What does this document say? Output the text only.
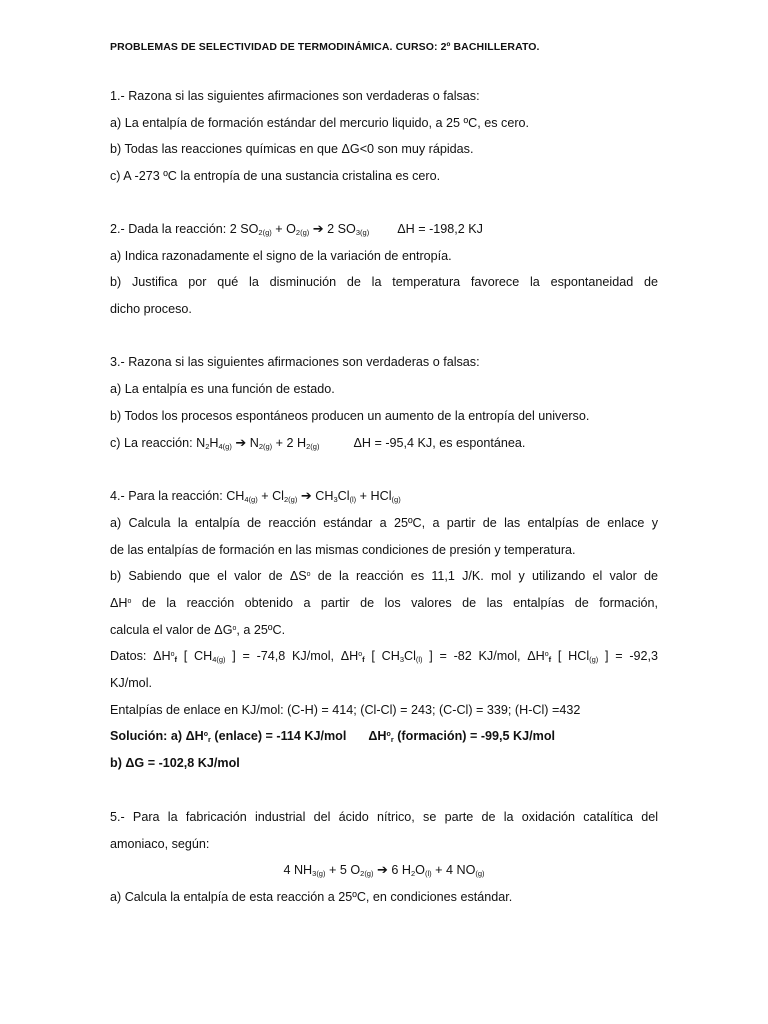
PROBLEMAS DE SELECTIVIDAD DE TERMODINÁMICA. CURSO: 2º BACHILLERATO.
1.- Razona si las siguientes afirmaciones son verdaderas o falsas:
a) La entalpía de formación estándar del mercurio liquido, a 25 ºC, es cero.
b) Todas las reacciones químicas en que ΔG<0 son muy rápidas.
c) A -273 ºC la entropía de una sustancia cristalina es cero.
2.- Dada la reacción: 2 $SO_{2(g)} + O_{2(g)}$ ➔ 2 $SO_{3(g)}$ ΔH = -198,2 KJ
a) Indica razonadamente el signo de la variación de entropía.
b) Justifica por qué la disminución de la temperatura favorece la espontaneidad de
dicho proceso.
3.- Razona si las siguientes afirmaciones son verdaderas o falsas:
a) La entalpía es una función de estado.
b) Todos los procesos espontáneos producen un aumento de la entropía del universo.
c) La reacción: $N_2H_{4(g)}$ ➔ $N_{2(g)} + 2$ $H_{2(g)}$	ΔH = -95,4 KJ, es espontánea.
4.- Para la reacción: $CH_{4(g)} + Cl_{2(g)}$ ➔ $CH_3Cl_{(l)} + HCl_{(g)}$
a) Calcula la entalpía de reacción estándar a 25ºC, a partir de las entalpías de enlace y
de las entalpías de formación en las mismas condiciones de presión y temperatura.
b) Sabiendo que el valor de $\Delta S^o$ de la reacción es 11,1 J/K. mol y utilizando el valor de
$\Delta H^o$ de la reacción obtenido a partir de los valores de las entalpías de formación,
calcula el valor de $\Delta G^o$, a 25ºC.
Datos: $\Delta H^o_f$ [ $CH_{4(g)}$ ] = -74,8 KJ/mol, $\Delta H^o_f$ [ $CH_3Cl_{(l)}$ ] = -82 KJ/mol, $\Delta H^o_f$ [ HCl$_{(g)}$ ] = -92,3
KJ/mol.
Entalpías de enlace en KJ/mol: (C-H) = 414; (Cl-Cl) = 243; (C-Cl) = 339; (H-Cl) =432
Solución: a) $\Delta H^o_r$ (enlace) = -114 KJ/mol $\Delta H^o_r$ (formación) = -99,5 KJ/mol
b) ΔG = -102,8 KJ/mol
5.- Para la fabricación industrial del ácido nítrico, se parte de la oxidación catalítica del
amoniaco, según:
4 $NH_{3(g)} + 5$ $O_{2(g)}$ ➔ 6 $H_2O_{(l)} + 4$ $NO_{(g)}$
a) Calcula la entalpía de esta reacción a 25ºC, en condiciones estándar.
